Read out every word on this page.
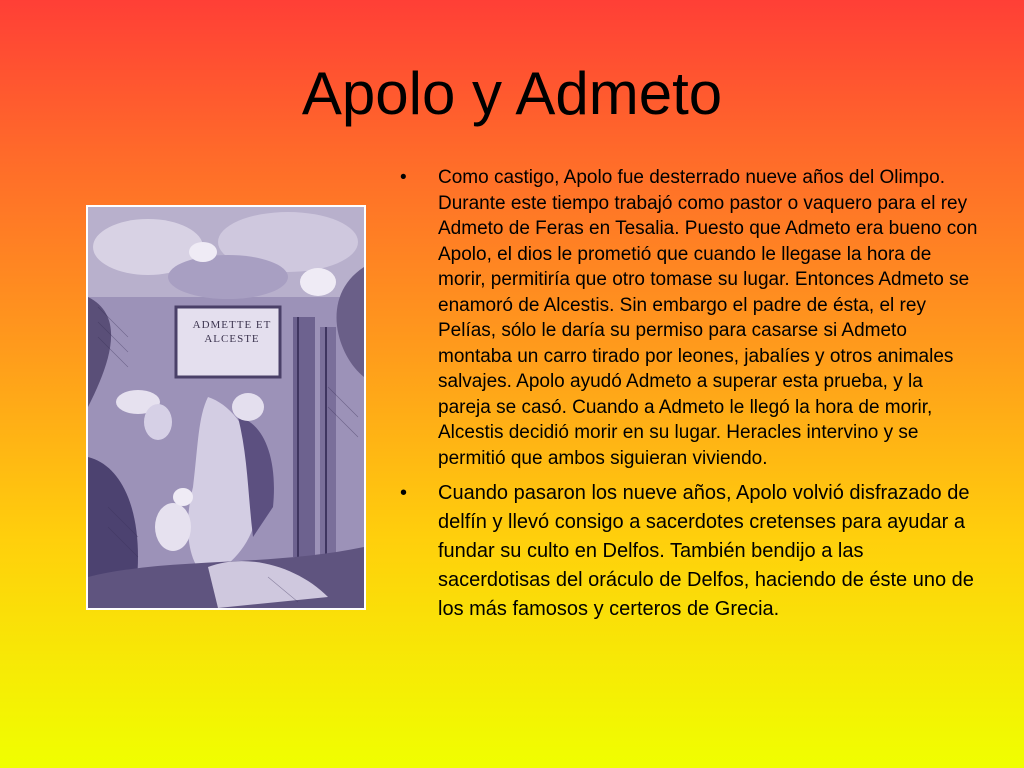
Apolo y Admeto
ADMETTE ET ALCESTE
• Como castigo, Apolo fue desterrado nueve años del Olimpo. Durante este tiempo trabajó como pastor o vaquero para el rey Admeto de Feras en Tesalia. Puesto que Admeto era bueno con Apolo, el dios le prometió que cuando le llegase la hora de morir, permitiría que otro tomase su lugar. Entonces Admeto se enamoró de Alcestis. Sin embargo el padre de ésta, el rey Pelías, sólo le daría su permiso para casarse si Admeto montaba un carro tirado por leones, jabalíes y otros animales salvajes. Apolo ayudó Admeto a superar esta prueba, y la pareja se casó. Cuando a Admeto le llegó la hora de morir, Alcestis decidió morir en su lugar. Heracles intervino y se permitió que ambos siguieran viviendo.
• Cuando pasaron los nueve años, Apolo volvió disfrazado de delfín y llevó consigo a sacerdotes cretenses para ayudar a fundar su culto en Delfos. También bendijo a las sacerdotisas del oráculo de Delfos, haciendo de éste uno de los más famosos y certeros de Grecia.
